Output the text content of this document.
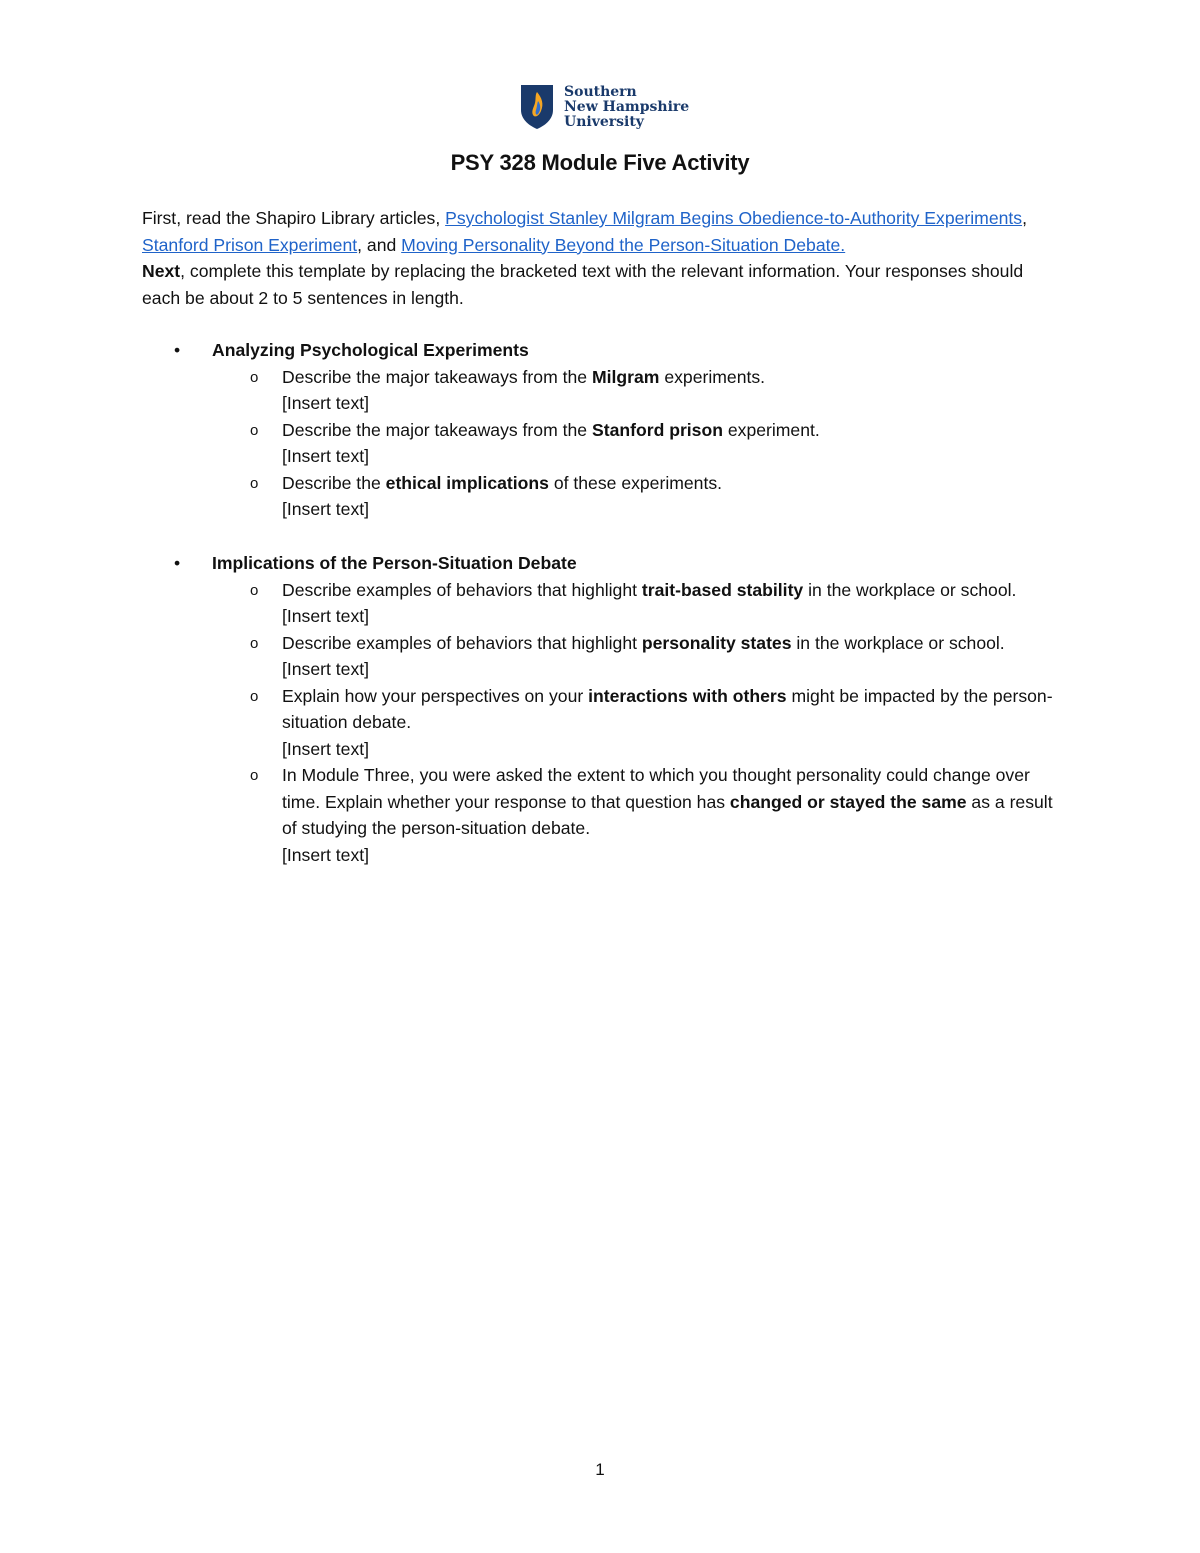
Southern
New Hampshire
University
PSY 328 Module Five Activity
First, read the Shapiro Library articles, Psychologist Stanley Milgram Begins Obedience-to-Authority Experiments, Stanford Prison Experiment, and Moving Personality Beyond the Person-Situation Debate.
Next, complete this template by replacing the bracketed text with the relevant information. Your responses should each be about 2 to 5 sentences in length.
• Analyzing Psychological Experiments
o Describe the major takeaways from the Milgram experiments.
[Insert text]
o Describe the major takeaways from the Stanford prison experiment.
[Insert text]
o Describe the ethical implications of these experiments.
[Insert text]
• Implications of the Person-Situation Debate
o Describe examples of behaviors that highlight trait-based stability in the workplace or school.
[Insert text]
o Describe examples of behaviors that highlight personality states in the workplace or school.
[Insert text]
o Explain how your perspectives on your interactions with others might be impacted by the person-situation debate.
[Insert text]
o In Module Three, you were asked the extent to which you thought personality could change over time. Explain whether your response to that question has changed or stayed the same as a result of studying the person-situation debate.
[Insert text]
1
